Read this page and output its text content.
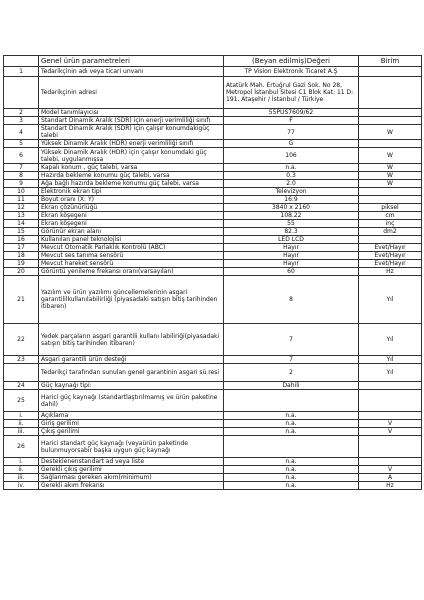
	Genel ürün parametreleri	(Beyan edilmiş)Değeri	Birim
1	Tedarikçinin adı veya ticari unvanı	TP Vision Elektronik Ticaret A.Ş	
	Tedarikçinin adresi	Atatürk Mah. Ertuğrul Gazi Sok. No 28, Metropol İstanbul Sitesi C1 Blok Kat: 11 D: 191, Ataşehir / İstanbul / Türkiye	
2	Model tanımlayıcısı	55PUS7609/62	
3	Standart Dinamik Aralık (SDR) için enerji verimliliği sınıfı	F	
4	Standart Dinamik Aralık (SDR) için çalışır konumdakigüç talebi	77	W
5	Yüksek Dinamik Aralık (HDR) enerji verimliliği sınıfı	G	
6	Yüksek Dinamik Aralık (HDR) için çalışır konumdaki güç talebi, uygulanmışsa	106	W
7	Kapalı konum , güç talebi, varsa	n.a.	W
8	Hazırda bekleme konumu güç talebi, varsa	0.3	W
9	Ağa bağlı hazırda bekleme konumu güç talebi, varsa	2.0	W
10	Elektronik ekran tipi	Televizyon	
11	Boyut oranı (X: Y)	16:9	
12	Ekran çözünürlüğü	3840 x 2160	piksel
13	Ekran köşegeni	108.22	cm
14	Ekran köşegeni	55	inç
15	Görünür ekran alanı	82.3	dm2
16	Kullanılan panel teknolojisi	LED LCD	
17	Mevcut Otomatik Parlaklık Kontrolü (ABC)	Hayır	Evet/Hayır
18	Mevcut ses tanıma sensörü	Hayır	Evet/Hayır
19	Mevcut hareket sensörü	Hayır	Evet/Hayır
20	Görüntü yenileme frekansı oranı(varsayılan)	60	Hz
21	Yazılım ve ürün yazılımı güncellemelerinin asgari garantililkullanılabilirliği (piyasadaki satışın bitiş tarihinden itibaren)	8	Yıl
22	Yedek parçaların asgari garantili kullanı labiliriği(piyasadaki satışın bitiş tarihinden itibaren)	7	Yıl
23	Asgari garantili ürün desteği	7	Yıl
	Tedarikçi tarafından sunulan genel garantinin asgari sü resi	2	Yıl
24	Güç kaynağı tipi:	Dahili	
25	Harici güç kaynağı (standartlaştırılmamış ve ürün paketine dahil)		
i.	Açıklama	n.a.	
ii.	Giriş gerilimi	n.a.	V
iii.	Çıkış gerilimi	n.a.	V
26	Harici standart güç kaynağı (veyaürün paketinde bulunmuyorsabir başka uygun güç kaynağı		
i.	Desteklenenstandart ad veya liste	n.a.	
ii.	Gerekli çıkış gerilimi	n.a.	V
iii.	Sağlanması gereken akım(minimum)	n.a.	A
iv.	Gerekli akım frekansı	n.a.	Hz
